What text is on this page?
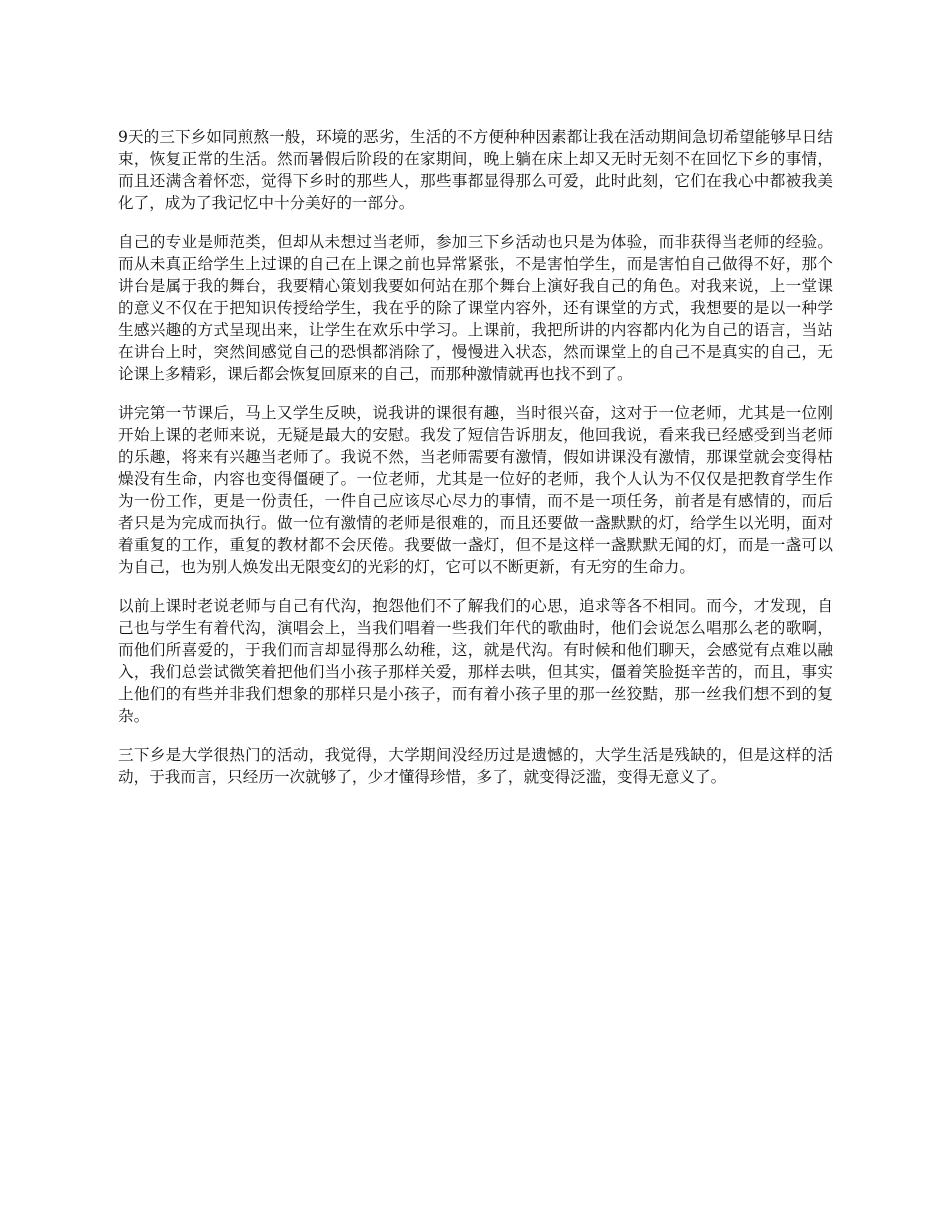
9天的三下乡如同煎熬一般，环境的恶劣，生活的不方便种种因素都让我在活动期间急切希望能够早日结束，恢复正常的生活。然而暑假后阶段的在家期间，晚上躺在床上却又无时无刻不在回忆下乡的事情，而且还满含着怀恋，觉得下乡时的那些人，那些事都显得那么可爱，此时此刻，它们在我心中都被我美化了，成为了我记忆中十分美好的一部分。

自己的专业是师范类，但却从未想过当老师，参加三下乡活动也只是为体验，而非获得当老师的经验。而从未真正给学生上过课的自己在上课之前也异常紧张，不是害怕学生，而是害怕自己做得不好，那个讲台是属于我的舞台，我要精心策划我要如何站在那个舞台上演好我自己的角色。对我来说，上一堂课的意义不仅在于把知识传授给学生，我在乎的除了课堂内容外，还有课堂的方式，我想要的是以一种学生感兴趣的方式呈现出来，让学生在欢乐中学习。上课前，我把所讲的内容都内化为自己的语言，当站在讲台上时，突然间感觉自己的恐惧都消除了，慢慢进入状态，然而课堂上的自己不是真实的自己，无论课上多精彩，课后都会恢复回原来的自己，而那种激情就再也找不到了。

讲完第一节课后，马上又学生反映，说我讲的课很有趣，当时很兴奋，这对于一位老师，尤其是一位刚开始上课的老师来说，无疑是最大的安慰。我发了短信告诉朋友，他回我说，看来我已经感受到当老师的乐趣，将来有兴趣当老师了。我说不然，当老师需要有激情，假如讲课没有激情，那课堂就会变得枯燥没有生命，内容也变得僵硬了。一位老师，尤其是一位好的老师，我个人认为不仅仅是把教育学生作为一份工作，更是一份责任，一件自己应该尽心尽力的事情，而不是一项任务，前者是有感情的，而后者只是为完成而执行。做一位有激情的老师是很难的，而且还要做一盏默默的灯，给学生以光明，面对着重复的工作，重复的教材都不会厌倦。我要做一盏灯，但不是这样一盏默默无闻的灯，而是一盏可以为自己，也为别人焕发出无限变幻的光彩的灯，它可以不断更新，有无穷的生命力。

以前上课时老说老师与自己有代沟，抱怨他们不了解我们的心思，追求等各不相同。而今，才发现，自己也与学生有着代沟，演唱会上，当我们唱着一些我们年代的歌曲时，他们会说怎么唱那么老的歌啊，而他们所喜爱的，于我们而言却显得那么幼稚，这，就是代沟。有时候和他们聊天，会感觉有点难以融入，我们总尝试微笑着把他们当小孩子那样关爱，那样去哄，但其实，僵着笑脸挺辛苦的，而且，事实上他们的有些并非我们想象的那样只是小孩子，而有着小孩子里的那一丝狡黠，那一丝我们想不到的复杂。

三下乡是大学很热门的活动，我觉得，大学期间没经历过是遗憾的，大学生活是残缺的，但是这样的活动，于我而言，只经历一次就够了，少才懂得珍惜，多了，就变得泛滥，变得无意义了。
